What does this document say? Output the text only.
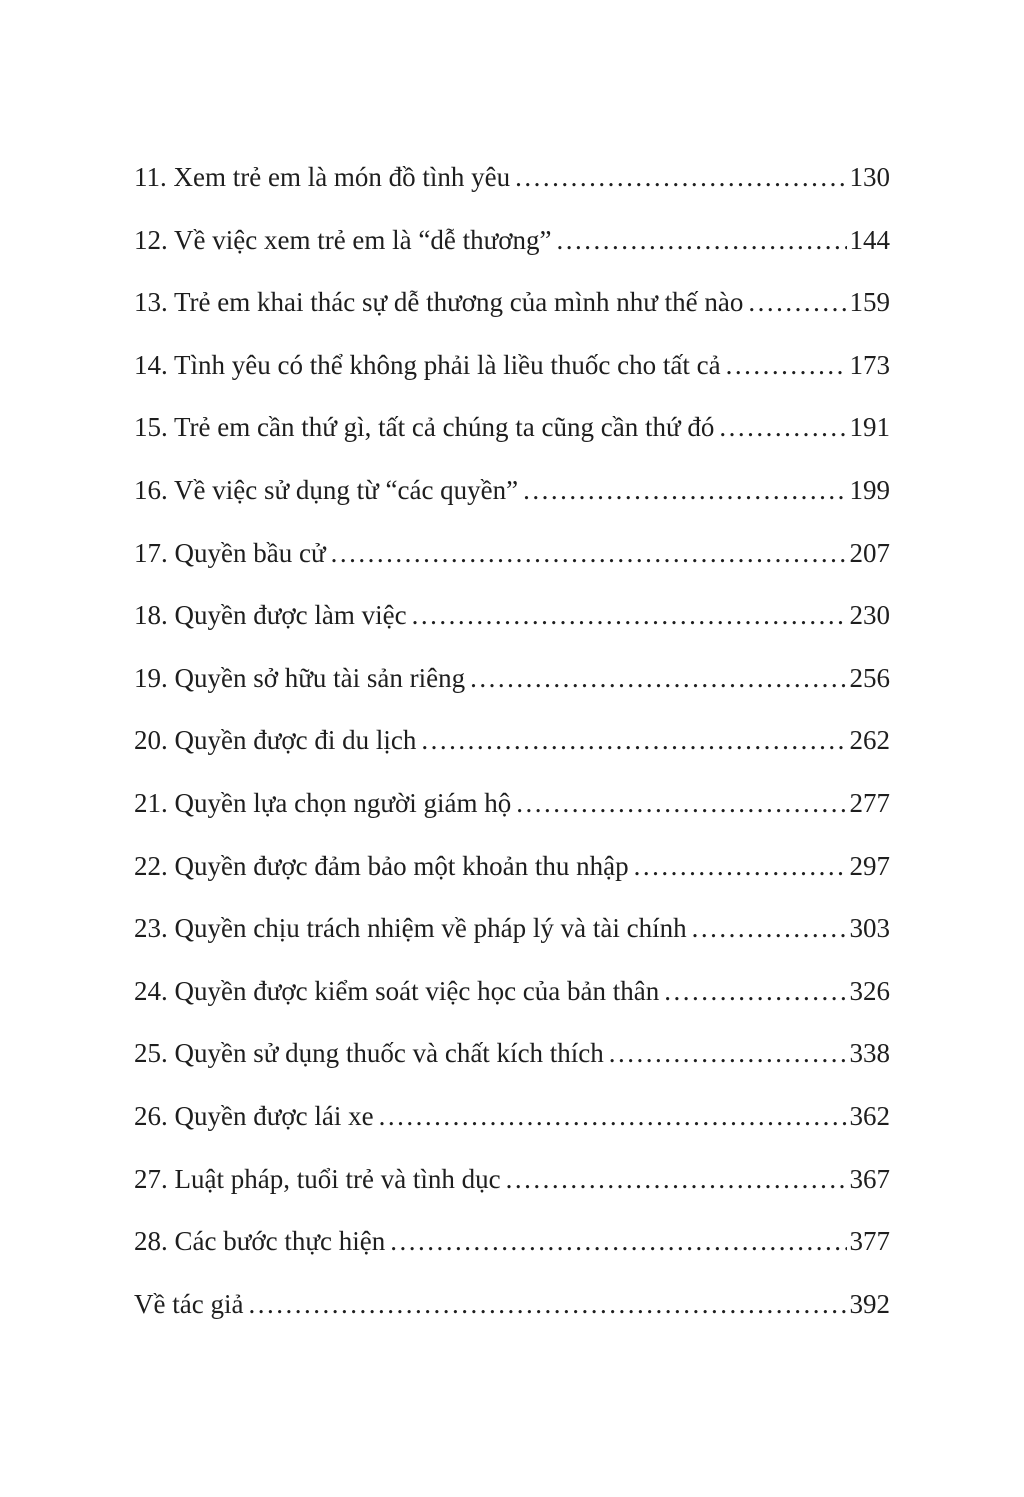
11. Xem trẻ em là món đồ tình yêu .....	130
12. Về việc xem trẻ em là “dễ thương” .....	144
13. Trẻ em khai thác sự dễ thương của mình như thế nào .....	159
14. Tình yêu có thể không phải là liều thuốc cho tất cả .....	173
15. Trẻ em cần thứ gì, tất cả chúng ta cũng cần thứ đó .....	191
16. Về việc sử dụng từ “các quyền” .....	199
17. Quyền bầu cử .....	207
18. Quyền được làm việc .....	230
19. Quyền sở hữu tài sản riêng .....	256
20. Quyền được đi du lịch .....	262
21. Quyền lựa chọn người giám hộ .....	277
22. Quyền được đảm bảo một khoản thu nhập .....	297
23. Quyền chịu trách nhiệm về pháp lý và tài chính .....	303
24. Quyền được kiểm soát việc học của bản thân .....	326
25. Quyền sử dụng thuốc và chất kích thích .....	338
26. Quyền được lái xe .....	362
27. Luật pháp, tuổi trẻ và tình dục .....	367
28. Các bước thực hiện .....	377
Về tác giả .....	392
